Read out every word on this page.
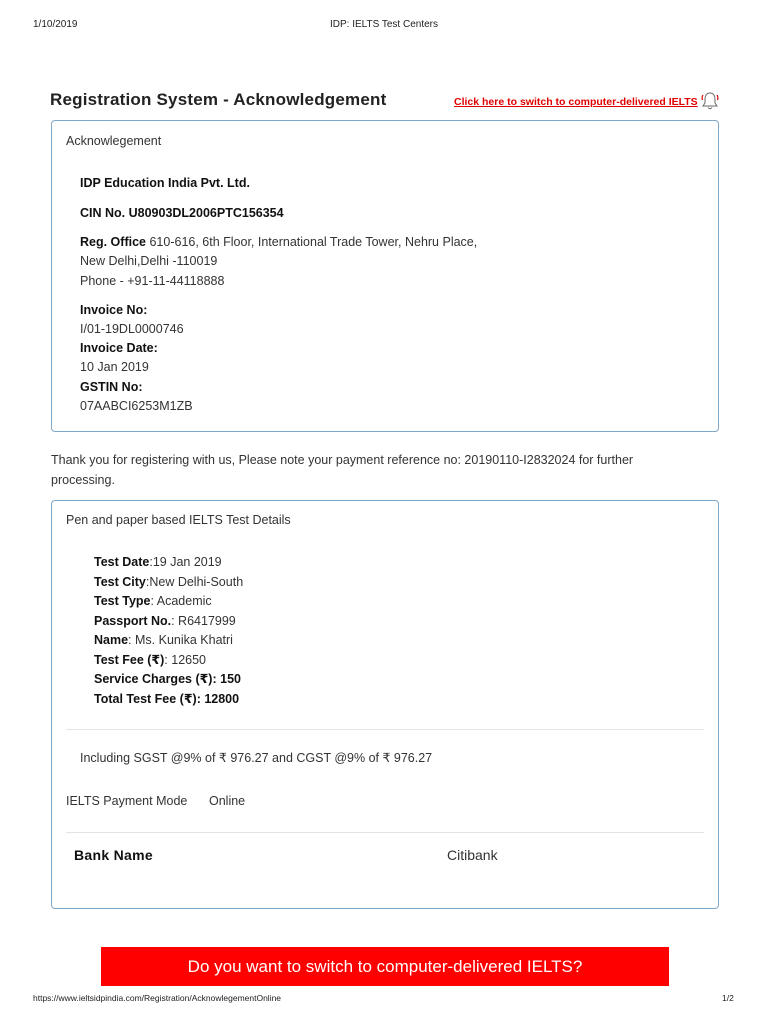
1/10/2019	IDP: IELTS Test Centers
Registration System - Acknowledgement	Click here to switch to computer-delivered IELTS
Acknowlegement
IDP Education India Pvt. Ltd.
CIN No. U80903DL2006PTC156354
Reg. Office 610-616, 6th Floor, International Trade Tower, Nehru Place,
New Delhi,Delhi -110019
Phone - +91-11-44118888
Invoice No:
I/01-19DL0000746
Invoice Date:
10 Jan 2019
GSTIN No:
07AABCI6253M1ZB
Thank you for registering with us, Please note your payment reference no: 20190110-I2832024 for further
processing.
Pen and paper based IELTS Test Details
Test Date:19 Jan 2019
Test City:New Delhi-South
Test Type: Academic
Passport No.: R6417999
Name: Ms. Kunika Khatri
Test Fee (₹): 12650
Service Charges (₹): 150
Total Test Fee (₹): 12800
Including SGST @9% of ₹ 976.27 and CGST @9% of ₹ 976.27
IELTS Payment Mode Online
Bank Name	Citibank
Do you want to switch to computer-delivered IELTS?
https://www.ieltsidpindia.com/Registration/AcknowlegementOnline	1/2
